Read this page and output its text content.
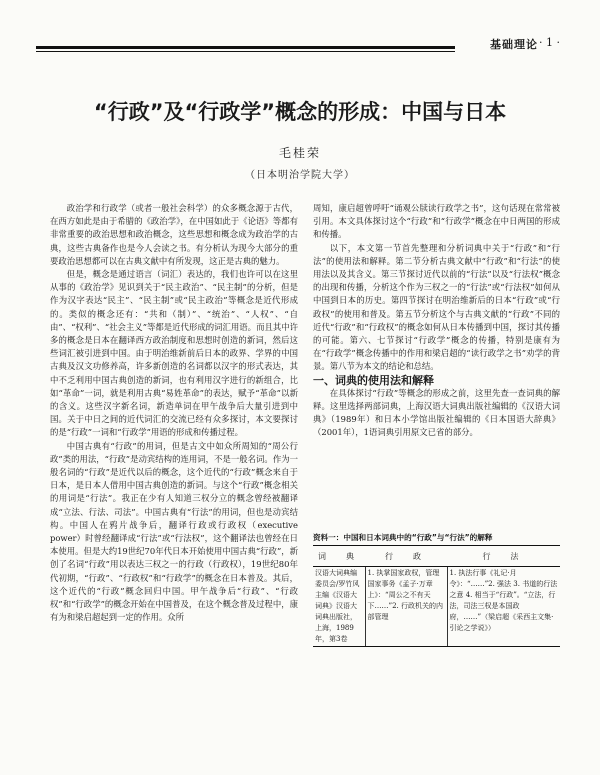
基础理论 · 1 ·
“行政”及“行政学”概念的形成：中国与日本
毛桂荣
（日本明治学院大学）

政治学和行政学（或者一般社会科学）的众多概念源于古代，在西方如此是由于希腊的《政治学》，在中国如此于《论语》等都有非常重要的政治思想和政治概念，这些思想和概念成为政治学的古典，这些古典备作也是今人会读之书。有分析认为现今大部分的重要政治思想都可以在古典文献中有所发现，这正是古典的魅力。

但是，概念是通过语言（词汇）表达的，我们也许可以在这里从事的《政治学》见识到关于“民主政治”、“民主制”的分析，但是作为汉字表达“民主”、“民主制”或“民主政治”等概念是近代形成的。类似的概念还有：“共和（制）”、“统治”、“人权”、“自由”、“权利”、“社会主义”等都是近代形成的词汇用语。而且其中许多的概念是日本在翻译西方政治制度和思想时创造的新词，然后这些词汇被引进到中国。由于明治维新前后日本的政界、学界的中国古典及汉文功修养高，许多新创造的名词都以汉字的形式表达，其中不乏利用中国古典创造的新词，也有利用汉字进行的新组合，比如“革命”一词，就是利用古典“易姓革命”的表达，赋予“革命”以新的含义。这些汉字新名词，新造单词在甲午战争后大量引进到中国。关于中日之间的近代词汇的交流已经有众多探讨，本文要探讨的是“行政”一词和“行政学”用语的形成和传播过程。

中国古典有“行政”的用词，但是古文中如众所周知的“周公行政”类的用法，“行政”是动宾结构的连用词，不是一般名词。作为一般名词的“行政”是近代以后的概念，这个近代的“行政”概念来自于日本，是日本人借用中国古典创造的新词。与这个“行政”概念相关的用词是“行法”。我正在少有人知道三权分立的概念曾经被翻译成“立法、行法、司法”。中国古典有“行法”的用词，但也是动宾结构。中国人在鸦片战争后，翻译行政或行政权（executive power）时曾经翻译成“行法”或“行法权”，这个翻译法也曾经在日本使用。但是大约19世纪70年代日本开始使用中国古典“行政”，新创了名词“行政”用以表达三权之一的行政（行政权），19世纪80年代初期，“行政”、“行政权”和“行政学”的概念在日本普及。其后，这个近代的“行政”概念回归中国。甲午战争后“行政”、“行政权”和“行政学”的概念开始在中国普及，在这个概念普及过程中，康有为和梁启超起到一定的作用。众所

周知，康启超曾呼吁“诵观公牍读行政学之书”，这句话现在常常被引用。本文具体探讨这个“行政”和“行政学”概念在中日两国的形成和传播。

以下，本文第一节首先整理和分析词典中关于“行政”和“行法”的使用法和解释。第二节分析古典文献中“行政”和“行法”的使用法以及其含义。第三节探讨近代以前的“行法”以及“行法权”概念的出现和传播，分析这个作为三权之一的“行法”或“行法权”如何从中国到日本的历史。第四节探讨在明治维新后的日本“行政”或“行政权”的使用和普及。第五节分析这个与古典文献的“行政”不同的近代“行政”和“行政权”的概念如何从日本传播到中国，探讨其传播的可能。第六、七节探讨“行政学”概念的传播，特别是康有为在“行政学”概念传播中的作用和梁启超的“读行政学之书”劝学的背景。第八节为本文的结论和总结。

一、词典的使用法和解释

在具体探讨“行政”等概念的形成之前，这里先查一查词典的解释。这里选择两部词典，上海汉语大词典出版社编辑的《汉语大词典》（1989年）和日本小学馆出版社编辑的《日本国语大辞典》（2001年），1语词典引用原文已省的部分。

资料一：中国和日本词典中的“行政”与“行法”的解释
词　典	行　政	行　法
汉语大词典编委员会/罗竹风主编《汉语大词典》汉语大词典出版社，上海，1989年，第3卷	1. 执掌国家政权，管理国家事务《孟子·万章上》：“周公之不有天下……”2. 行政机关的内部管理	1. 执法行事《礼记·月令》：“……”2. 强法 3. 书道的行法之意 4. 相当于“行政”。“立法，行法，司法三权是本国政府，……”（梁启超《采西主文集·引论之学说》）
